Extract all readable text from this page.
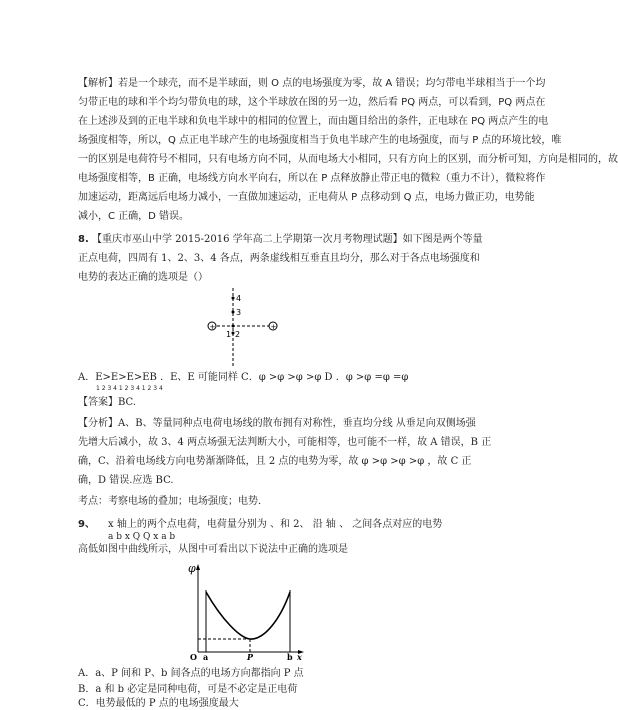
【解析】若是一个球壳，而不是半球面，则 O 点的电场强度为零，故 A 错误；均匀带电半球相当于一个均
匀带正电的球和半个均匀带负电的球，这个半球放在图的另一边，然后看 PQ 两点，可以看到，PQ 两点在
在上述涉及到的正电半球和负电半球中的相同的位置上，而由题目给出的条件，正电球在 PQ 两点产生的电
场强度相等，所以，Q 点正电半球产生的电场强度相当于负电半球产生的电场强度，而与 P 点的环境比较，唯
一的区别是电荷符号不相同，只有电场方向不同，从而电场大小相同，只有方向上的区别，而分析可知，方向是相同的，故
电场强度相等，B 正确，电场线方向水平向右，所以在 P 点释放静止带正电的微粒（重力不计），微粒将作
加速运动，距离远后电场力减小，一直做加速运动，正电荷从 P 点移动到 Q 点，电场力做正功，电势能
减小，C 正确，D 错误。
8. 【重庆市巫山中学 2015-2016 学年高二上学期第一次月考物理试题】如下图是两个等量
正点电荷，四周有 1、2、3、4 各点，两条虚线相互垂直且均分，那么对于各点电场强度和
电势的表达正确的选项是（）
+	+
4
3
2
1
A．E>E>E>EB ．E、E 可能同样 C．φ >φ >φ >φ D ．φ >φ =φ =φ
1 2 3 4 1 2 3 4 1 2 3 4
【答案】BC.
【分析】A、B、等量同种点电荷电场线的散布拥有对称性，垂直均分线 从垂足向双侧场强
先增大后减小，故 3、4 两点场强无法判断大小，可能相等，也可能不一样，故 A 错误，B 正
确，C、沿着电场线方向电势渐渐降低，且 2 点的电势为零，故 φ >φ >φ >φ ，故 C 正
确，D 错误.应选 BC.
考点：考察电场的叠加；电场强度；电势．
9、 x 轴上的两个点电荷，电荷量分别为 、和 2、 沿 轴 、 之间各点对应的电势
a b x Q Q x a b
高低如图中曲线所示，从图中可看出以下说法中正确的选项是
φ
O a	P	b x
A．a、P 间和 P、b 间各点的电场方向都指向 P 点
B．a 和 b 必定是同种电荷，可是不必定是正电荷
C．电势最低的 P 点的电场强度最大
